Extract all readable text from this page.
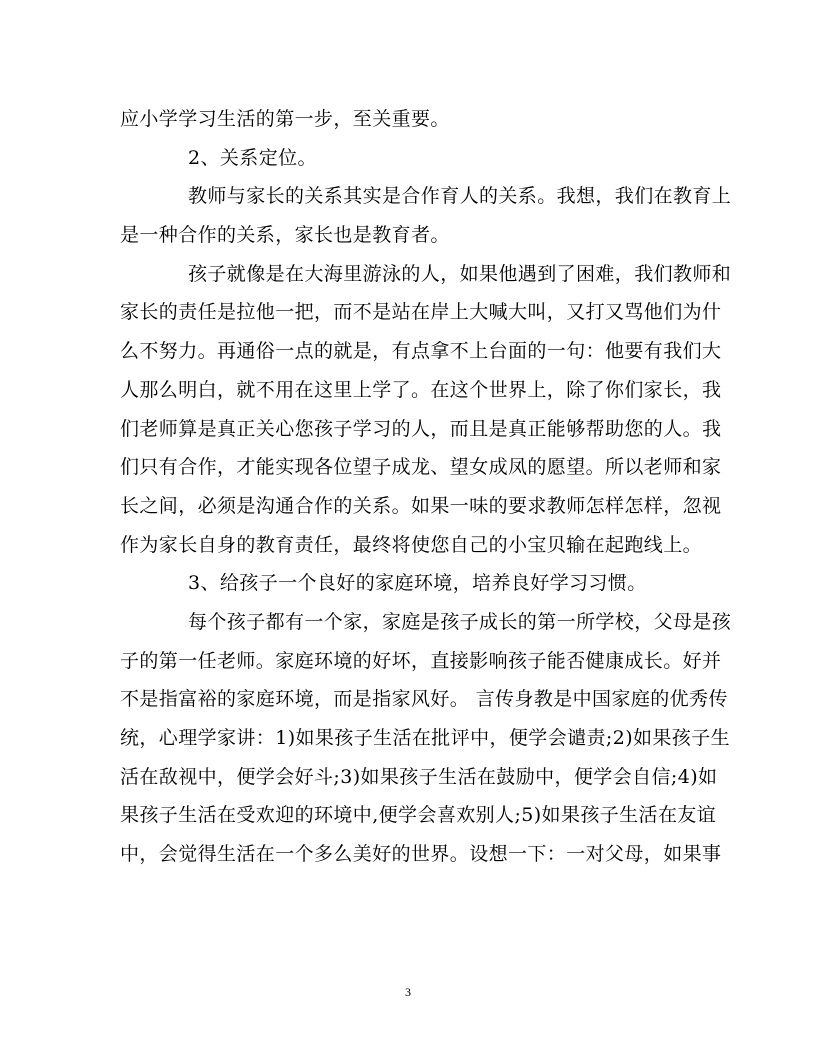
应小学学习生活的第一步，至关重要。
2、关系定位。
教师与家长的关系其实是合作育人的关系。我想，我们在教育上
是一种合作的关系，家长也是教育者。
孩子就像是在大海里游泳的人，如果他遇到了困难，我们教师和
家长的责任是拉他一把，而不是站在岸上大喊大叫，又打又骂他们为什
么不努力。再通俗一点的就是，有点拿不上台面的一句：他要有我们大
人那么明白，就不用在这里上学了。在这个世界上，除了你们家长，我
们老师算是真正关心您孩子学习的人，而且是真正能够帮助您的人。我
们只有合作，才能实现各位望子成龙、望女成凤的愿望。所以老师和家
长之间，必须是沟通合作的关系。如果一味的要求教师怎样怎样，忽视
作为家长自身的教育责任，最终将使您自己的小宝贝输在起跑线上。
3、给孩子一个良好的家庭环境，培养良好学习习惯。
每个孩子都有一个家，家庭是孩子成长的第一所学校，父母是孩
子的第一任老师。家庭环境的好坏，直接影响孩子能否健康成长。好并
不是指富裕的家庭环境，而是指家风好。 言传身教是中国家庭的优秀传
统，心理学家讲：1)如果孩子生活在批评中，便学会谴责;2)如果孩子生
活在敌视中，便学会好斗;3)如果孩子生活在鼓励中，便学会自信;4)如
果孩子生活在受欢迎的环境中,便学会喜欢别人;5)如果孩子生活在友谊
中，会觉得生活在一个多么美好的世界。设想一下：一对父母，如果事
3
